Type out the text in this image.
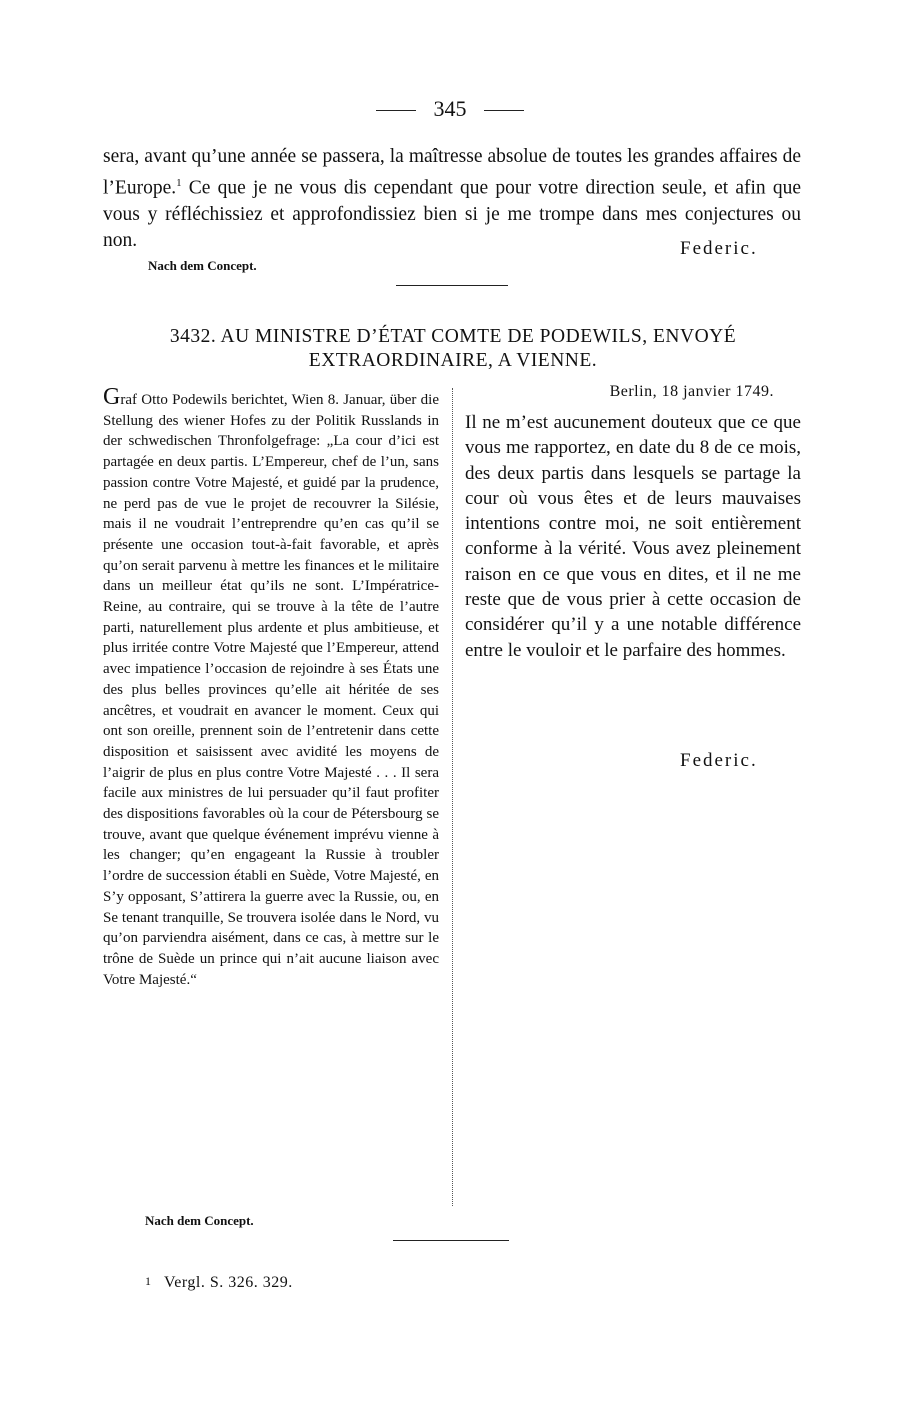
345
sera, avant qu’une année se passera, la maîtresse absolue de toutes les grandes affaires de l’Europe.$^1$ Ce que je ne vous dis cependant que pour votre direction seule, et afin que vous y réfléchissiez et approfondissiez bien si je me trompe dans mes conjectures ou non.	Federic.
Nach dem Concept.
3432. AU MINISTRE D’ÉTAT COMTE DE PODEWILS, ENVOYÉ EXTRAORDINAIRE, A VIENNE.
Graf Otto Podewils berichtet, Wien 8. Januar, über die Stellung des wiener Hofes zu der Politik Russlands in der schwedischen Thronfolgefrage: „La cour d’ici est partagée en deux partis. L’Empereur, chef de l’un, sans passion contre Votre Majesté, et guidé par la prudence, ne perd pas de vue le projet de recouvrer la Silésie, mais il ne voudrait l’entreprendre qu’en cas qu’il se présente une occasion tout-à-fait favorable, et après qu’on serait parvenu à mettre les finances et le militaire dans un meilleur état qu’ils ne sont. L’Impératrice-Reine, au contraire, qui se trouve à la tête de l’autre parti, naturellement plus ardente et plus ambitieuse, et plus irritée contre Votre Majesté que l’Empereur, attend avec impatience l’occasion de rejoindre à ses États une des plus belles provinces qu’elle ait héritée de ses ancêtres, et voudrait en avancer le moment. Ceux qui ont son oreille, prennent soin de l’entretenir dans cette disposition et saisissent avec avidité les moyens de l’aigrir de plus en plus contre Votre Majesté . . . Il sera facile aux ministres de lui persuader qu’il faut profiter des dispositions favorables où la cour de Pétersbourg se trouve, avant que quelque événement imprévu vienne à les changer; qu’en engageant la Russie à troubler l’ordre de succession établi en Suède, Votre Majesté, en S’y opposant, S’attirera la guerre avec la Russie, ou, en Se tenant tranquille, Se trouvera isolée dans le Nord, vu qu’on parviendra aisément, dans ce cas, à mettre sur le trône de Suède un prince qui n’ait aucune liaison avec Votre Majesté.“
Nach dem Concept.
Berlin, 18 janvier 1749.
Il ne m’est aucunement douteux que ce que vous me rapportez, en date du 8 de ce mois, des deux partis dans lesquels se partage la cour où vous êtes et de leurs mauvaises intentions contre moi, ne soit entièrement conforme à la vérité. Vous avez pleinement raison en ce que vous en dites, et il ne me reste que de vous prier à cette occasion de considérer qu’il y a une notable différence entre le vouloir et le parfaire des hommes.
Federic.
1 Vergl. S. 326. 329.
